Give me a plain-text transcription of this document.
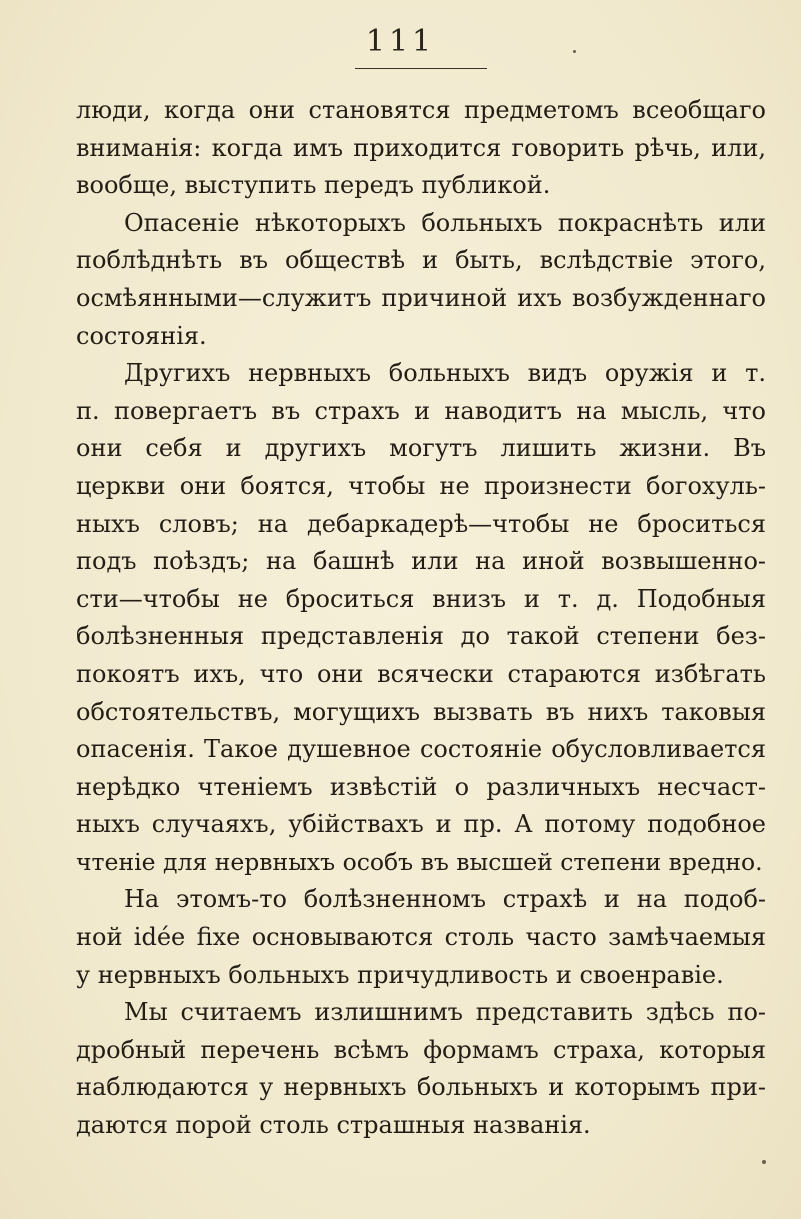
111
люди, когда они становятся предметомъ всеобщаго
вниманія: когда имъ приходится говорить рѣчь, или,
вообще, выступить передъ публикой.
Опасеніе нѣкоторыхъ больныхъ покраснѣть или
поблѣднѣть въ обществѣ и быть, вслѣдствіе этого,
осмѣянными—служитъ причиной ихъ возбужденнаго
состоянія.
Другихъ нервныхъ больныхъ видъ оружія и т.
п. повергаетъ въ страхъ и наводитъ на мысль, что
они себя и другихъ могутъ лишить жизни. Въ
церкви они боятся, чтобы не произнести богохуль-
ныхъ словъ; на дебаркадерѣ—чтобы не броситься
подъ поѣздъ; на башнѣ или на иной возвышенно-
сти—чтобы не броситься внизъ и т. д. Подобныя
болѣзненныя представленія до такой степени без-
покоятъ ихъ, что они всячески стараются избѣгать
обстоятельствъ, могущихъ вызвать въ нихъ таковыя
опасенія. Такое душевное состояніе обусловливается
нерѣдко чтеніемъ извѣстій о различныхъ несчаст-
ныхъ случаяхъ, убійствахъ и пр. А потому подобное
чтеніе для нервныхъ особъ въ высшей степени вредно.
На этомъ-то болѣзненномъ страхѣ и на подоб-
ной idée fixe основываются столь часто замѣчаемыя
у нервныхъ больныхъ причудливость и своенравіе.
Мы считаемъ излишнимъ представить здѣсь по-
дробный перечень всѣмъ формамъ страха, которыя
наблюдаются у нервныхъ больныхъ и которымъ при-
даются порой столь страшныя названія.
